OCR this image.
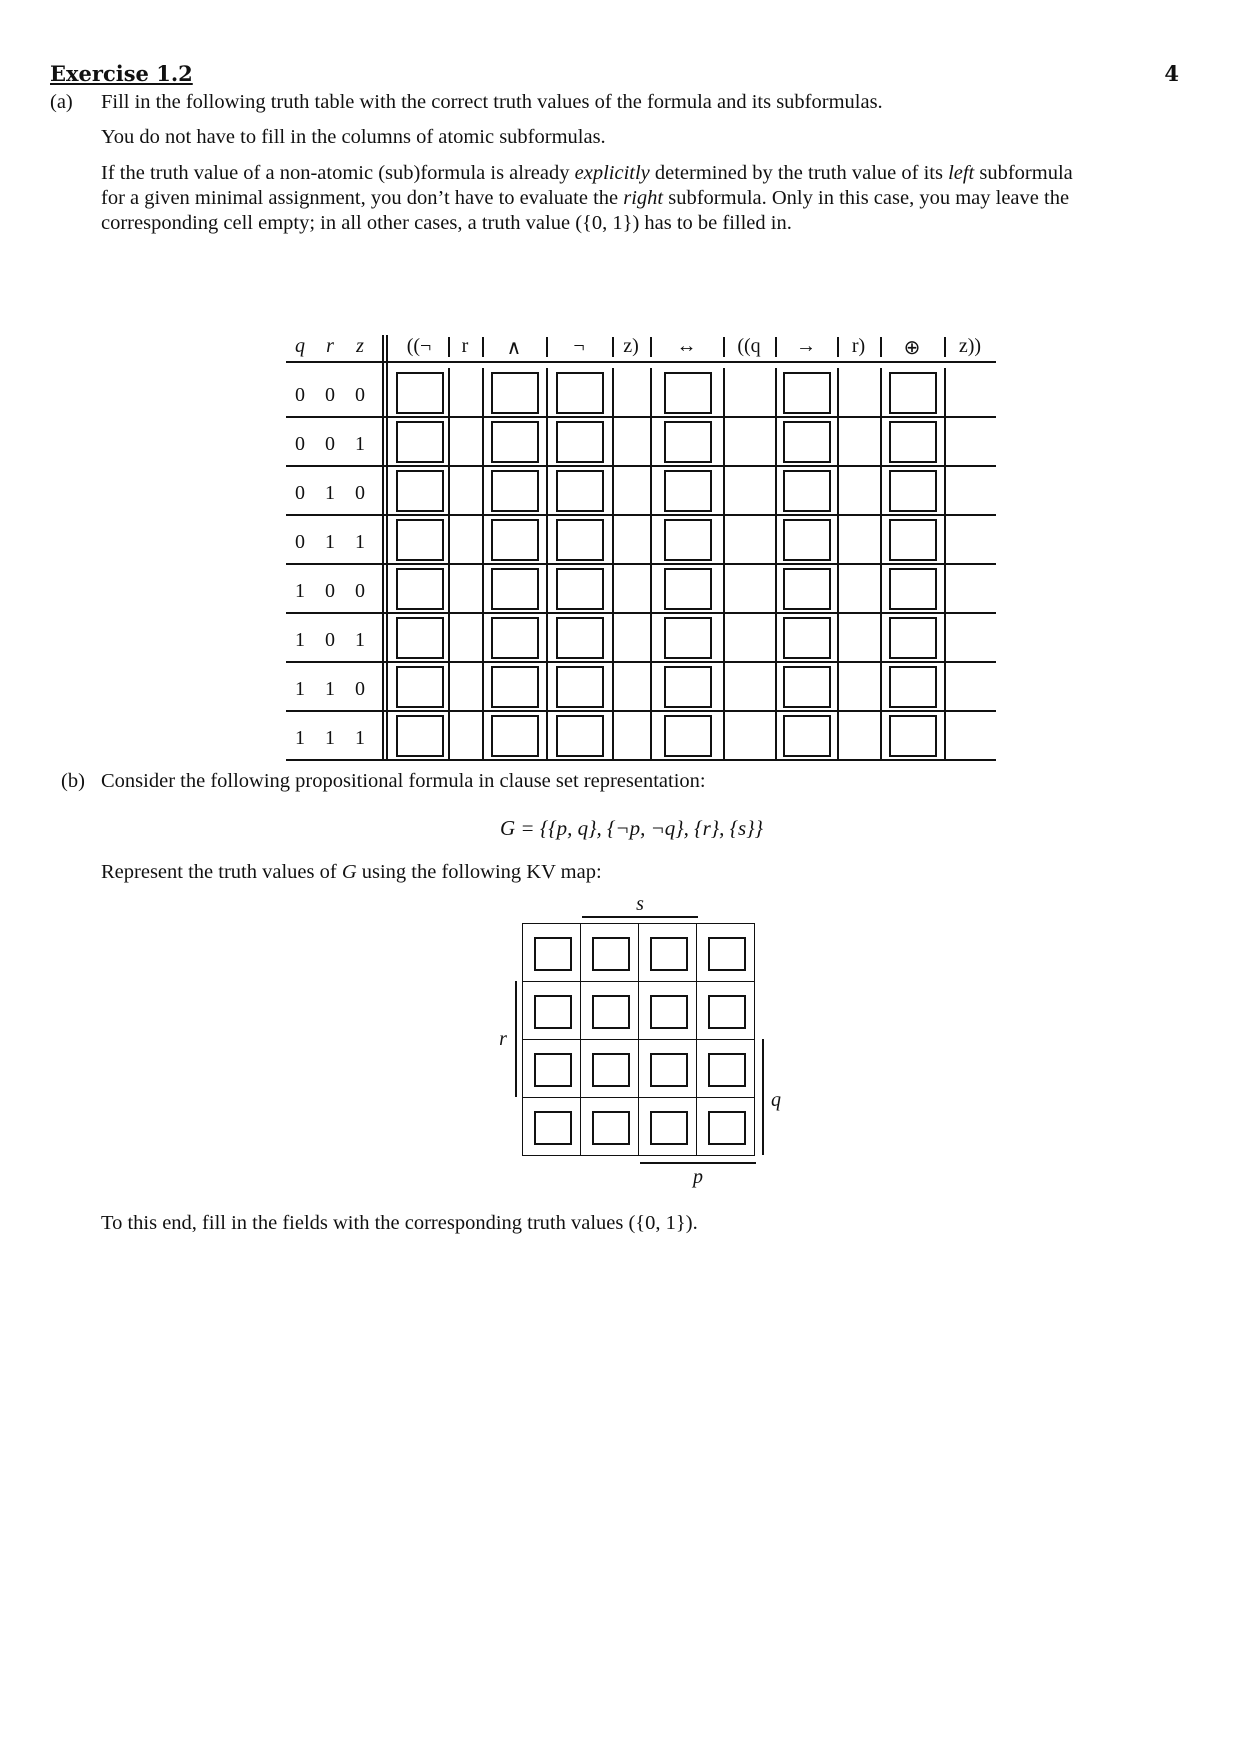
Exercise 1.2	4
(a) Fill in the following truth table with the correct truth values of the formula and its subformulas.
You do not have to fill in the columns of atomic subformulas.
If the truth value of a non-atomic (sub)formula is already explicitly determined by the truth value of its left subformula
for a given minimal assignment, you don’t have to evaluate the right subformula. Only in this case, you may leave the
corresponding cell empty; in all other cases, a truth value ({0, 1}) has to be filled in.
q	r	z	((¬	r	∧	¬	z)	↔	((q	→	r)	⊕	z))
0	0	0
0	0	1
0	1	0
0	1	1
1	0	0
1	0	1
1	1	0
1	1	1
(b) Consider the following propositional formula in clause set representation:
G = {{p, q}, {¬p, ¬q}, {r}, {s}}
Represent the truth values of G using the following KV map:
s
r
q
p
To this end, fill in the fields with the corresponding truth values ({0, 1}).
